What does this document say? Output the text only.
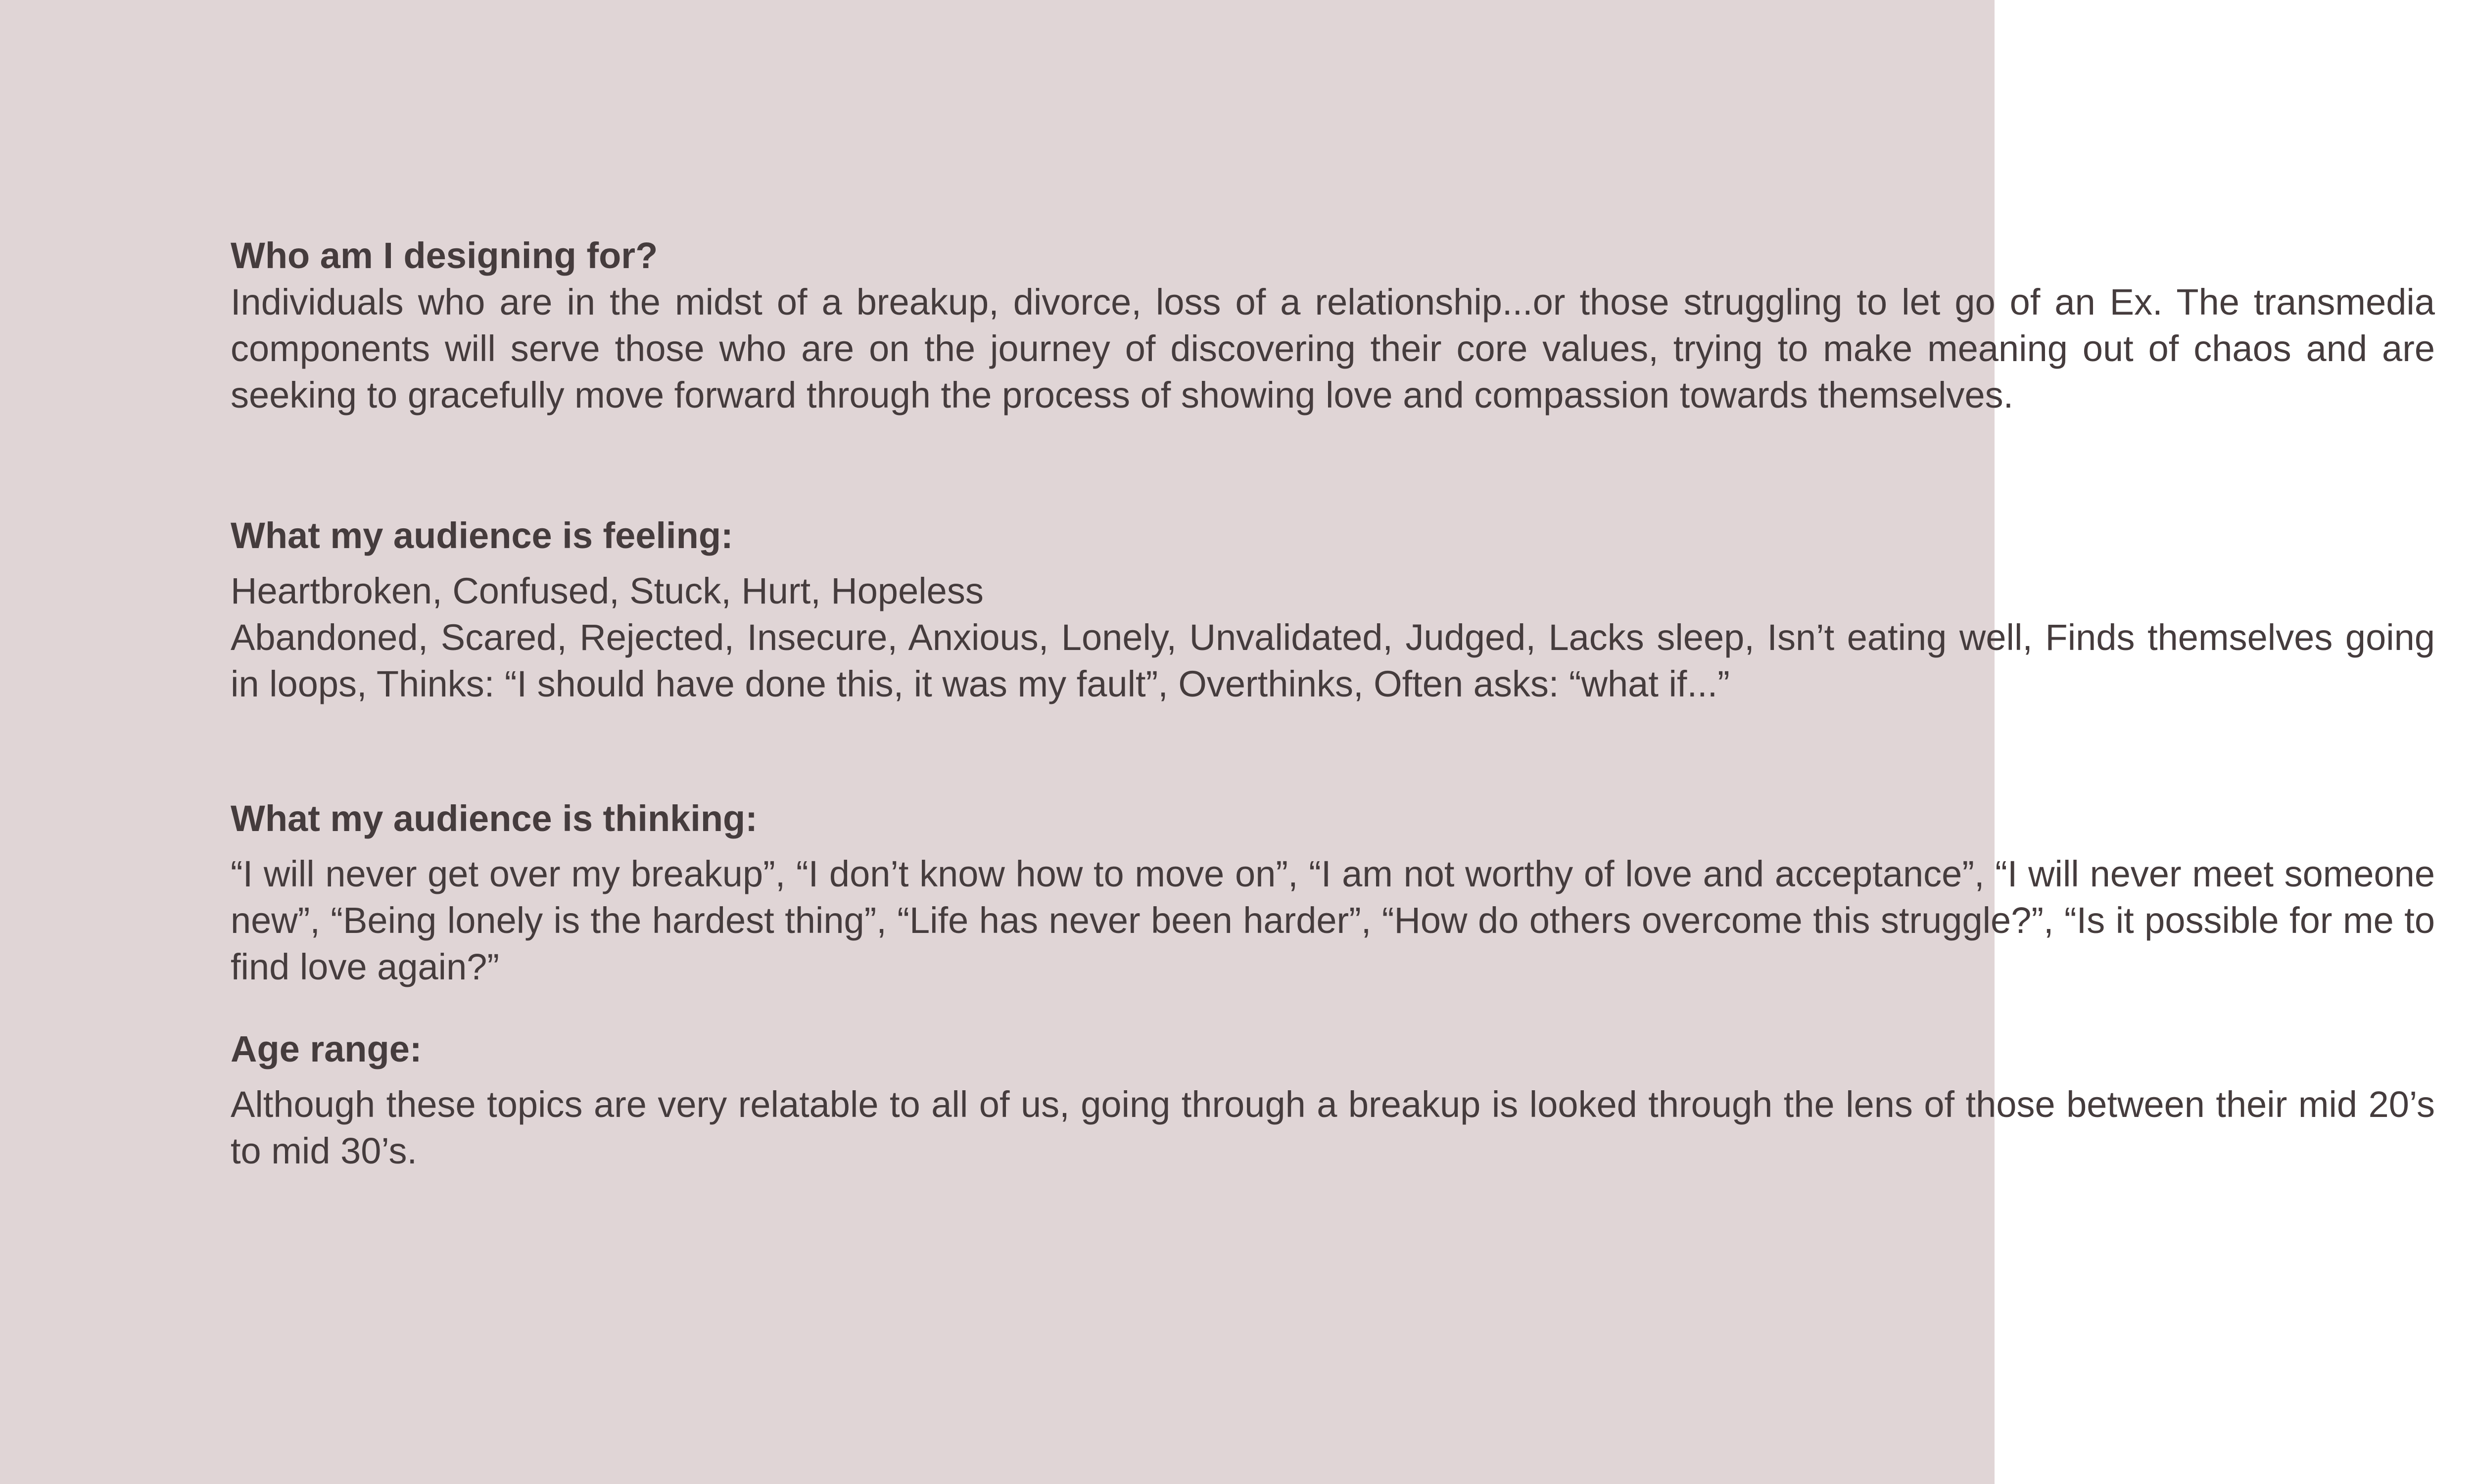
Who am I designing for?

Individuals who are in the midst of a breakup, divorce, loss of a relationship...or those struggling to let go of an Ex. The transmedia components will serve those who are on the journey of discovering their core values, trying to make meaning out of chaos and are seeking to gracefully move forward through the process of showing love and compassion towards themselves.

What my audience is feeling:

Heartbroken, Confused, Stuck, Hurt, Hopeless

Abandoned, Scared, Rejected, Insecure, Anxious, Lonely, Unvalidated, Judged, Lacks sleep, Isn’t eating well, Finds themselves going in loops, Thinks: “I should have done this, it was my fault”, Overthinks, Often asks: “what if...”

What my audience is thinking:

“I will never get over my breakup”, “I don’t know how to move on”, “I am not worthy of love and acceptance”, “I will never meet someone new”, “Being lonely is the hardest thing”, “Life has never been harder”, “How do others overcome this struggle?”, “Is it possible for me to find love again?”

Age range:

Although these topics are very relatable to all of us, going through a breakup is looked through the lens of those between their mid 20’s to mid 30’s.
